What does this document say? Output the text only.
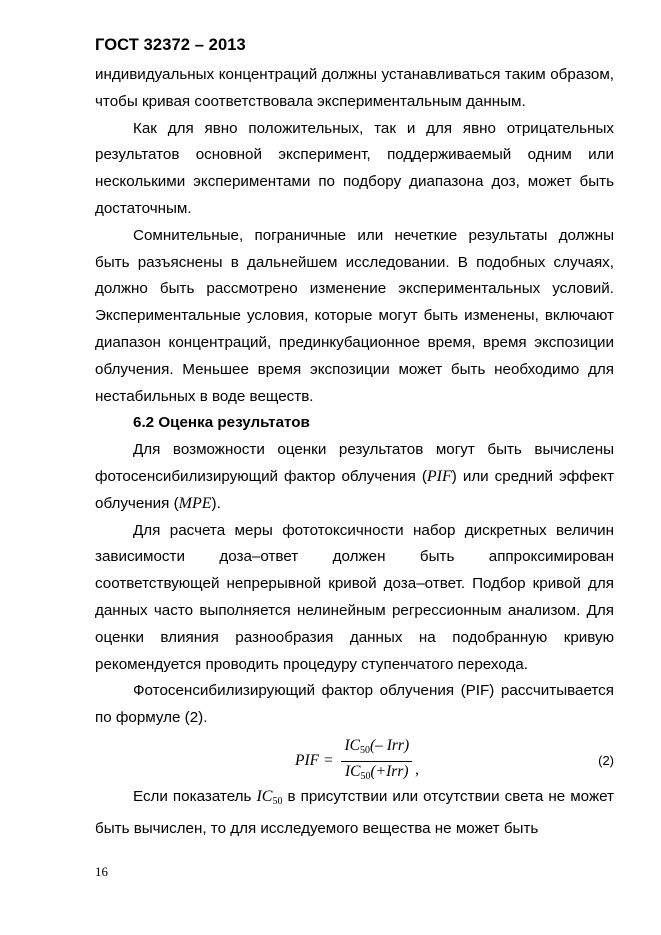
ГОСТ 32372 – 2013

индивидуальных концентраций должны устанавливаться таким образом, чтобы кривая соответствовала экспериментальным данным.

Как для явно положительных, так и для явно отрицательных результатов основной эксперимент, поддерживаемый одним или несколькими экспериментами по подбору диапазона доз, может быть достаточным.

Сомнительные, пограничные или нечеткие результаты должны быть разъяснены в дальнейшем исследовании. В подобных случаях, должно быть рассмотрено изменение экспериментальных условий. Экспериментальные условия, которые могут быть изменены, включают диапазон концентраций, прединкубационное время, время экспозиции облучения. Меньшее время экспозиции может быть необходимо для нестабильных в воде веществ.

6.2 Оценка результатов

Для возможности оценки результатов могут быть вычислены фотосенсибилизирующий фактор облучения (PIF) или средний эффект облучения (MPE).

Для расчета меры фототоксичности набор дискретных величин зависимости доза–ответ должен быть аппроксимирован соответствующей непрерывной кривой доза–ответ. Подбор кривой для данных часто выполняется нелинейным регрессионным анализом. Для оценки влияния разнообразия данных на подобранную кривую рекомендуется проводить процедуру ступенчатого перехода.

Фотосенсибилизирующий фактор облучения (PIF) рассчитывается по формуле (2).

PIF = $\frac{IC_{50}(- Irr)}{IC_{50}(+Irr)}$ ,
(2)

Если показатель $IC_{50}$ в присутствии или отсутствии света не может быть вычислен, то для исследуемого вещества не может быть

16
